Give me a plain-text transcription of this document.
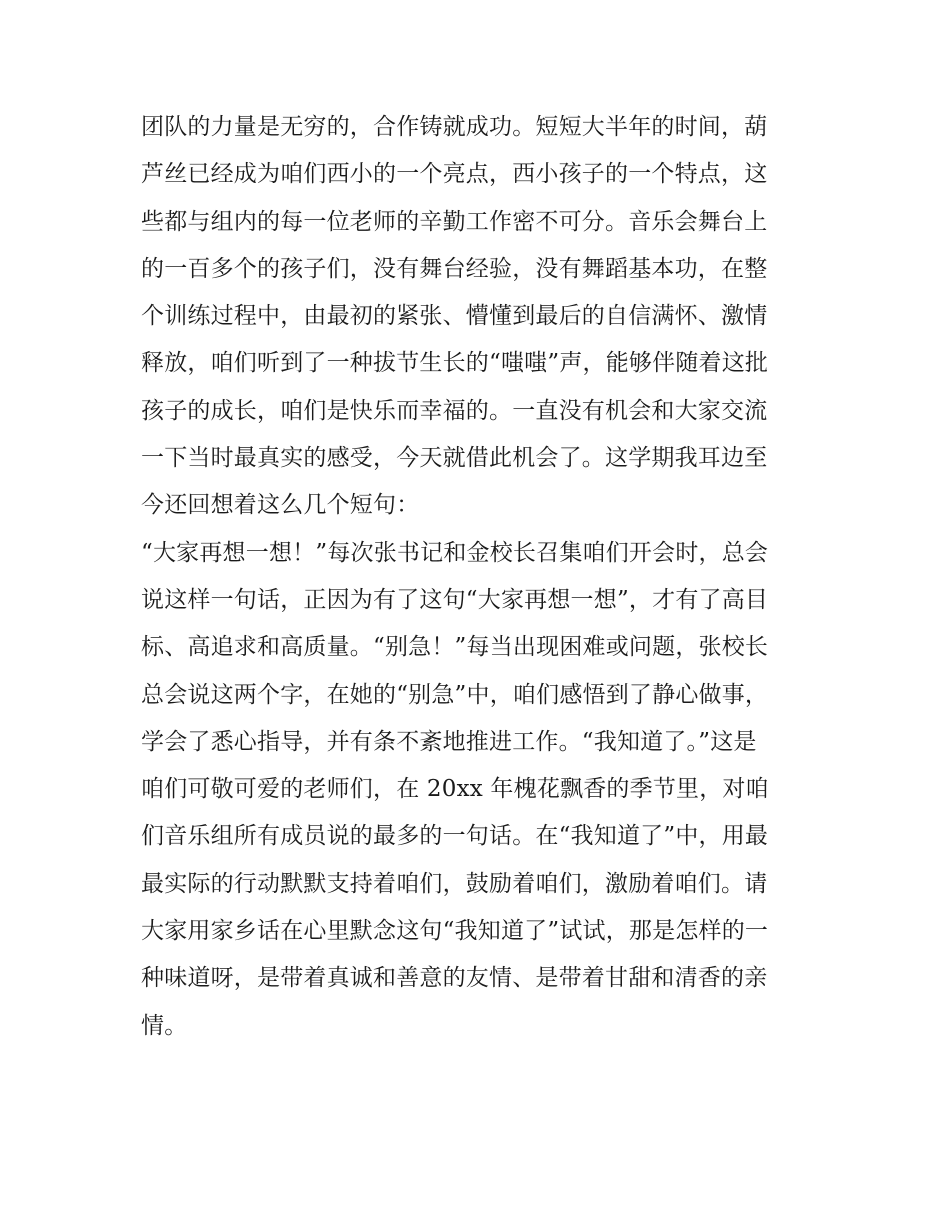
团队的力量是无穷的，合作铸就成功。短短大半年的时间，葫
芦丝已经成为咱们西小的一个亮点，西小孩子的一个特点，这
些都与组内的每一位老师的辛勤工作密不可分。音乐会舞台上
的一百多个的孩子们，没有舞台经验，没有舞蹈基本功，在整
个训练过程中，由最初的紧张、懵懂到最后的自信满怀、激情
释放，咱们听到了一种拔节生长的“嗤嗤”声，能够伴随着这批
孩子的成长，咱们是快乐而幸福的。一直没有机会和大家交流
一下当时最真实的感受，今天就借此机会了。这学期我耳边至
今还回想着这么几个短句：
“大家再想一想！”每次张书记和金校长召集咱们开会时，总会
说这样一句话，正因为有了这句“大家再想一想”，才有了高目
标、高追求和高质量。“别急！”每当出现困难或问题，张校长
总会说这两个字，在她的“别急”中，咱们感悟到了静心做事，
学会了悉心指导，并有条不紊地推进工作。“我知道了。”这是
咱们可敬可爱的老师们，在 20xx 年槐花飘香的季节里，对咱
们音乐组所有成员说的最多的一句话。在“我知道了”中，用最
最实际的行动默默支持着咱们，鼓励着咱们，激励着咱们。请
大家用家乡话在心里默念这句“我知道了”试试，那是怎样的一
种味道呀，是带着真诚和善意的友情、是带着甘甜和清香的亲
情。
